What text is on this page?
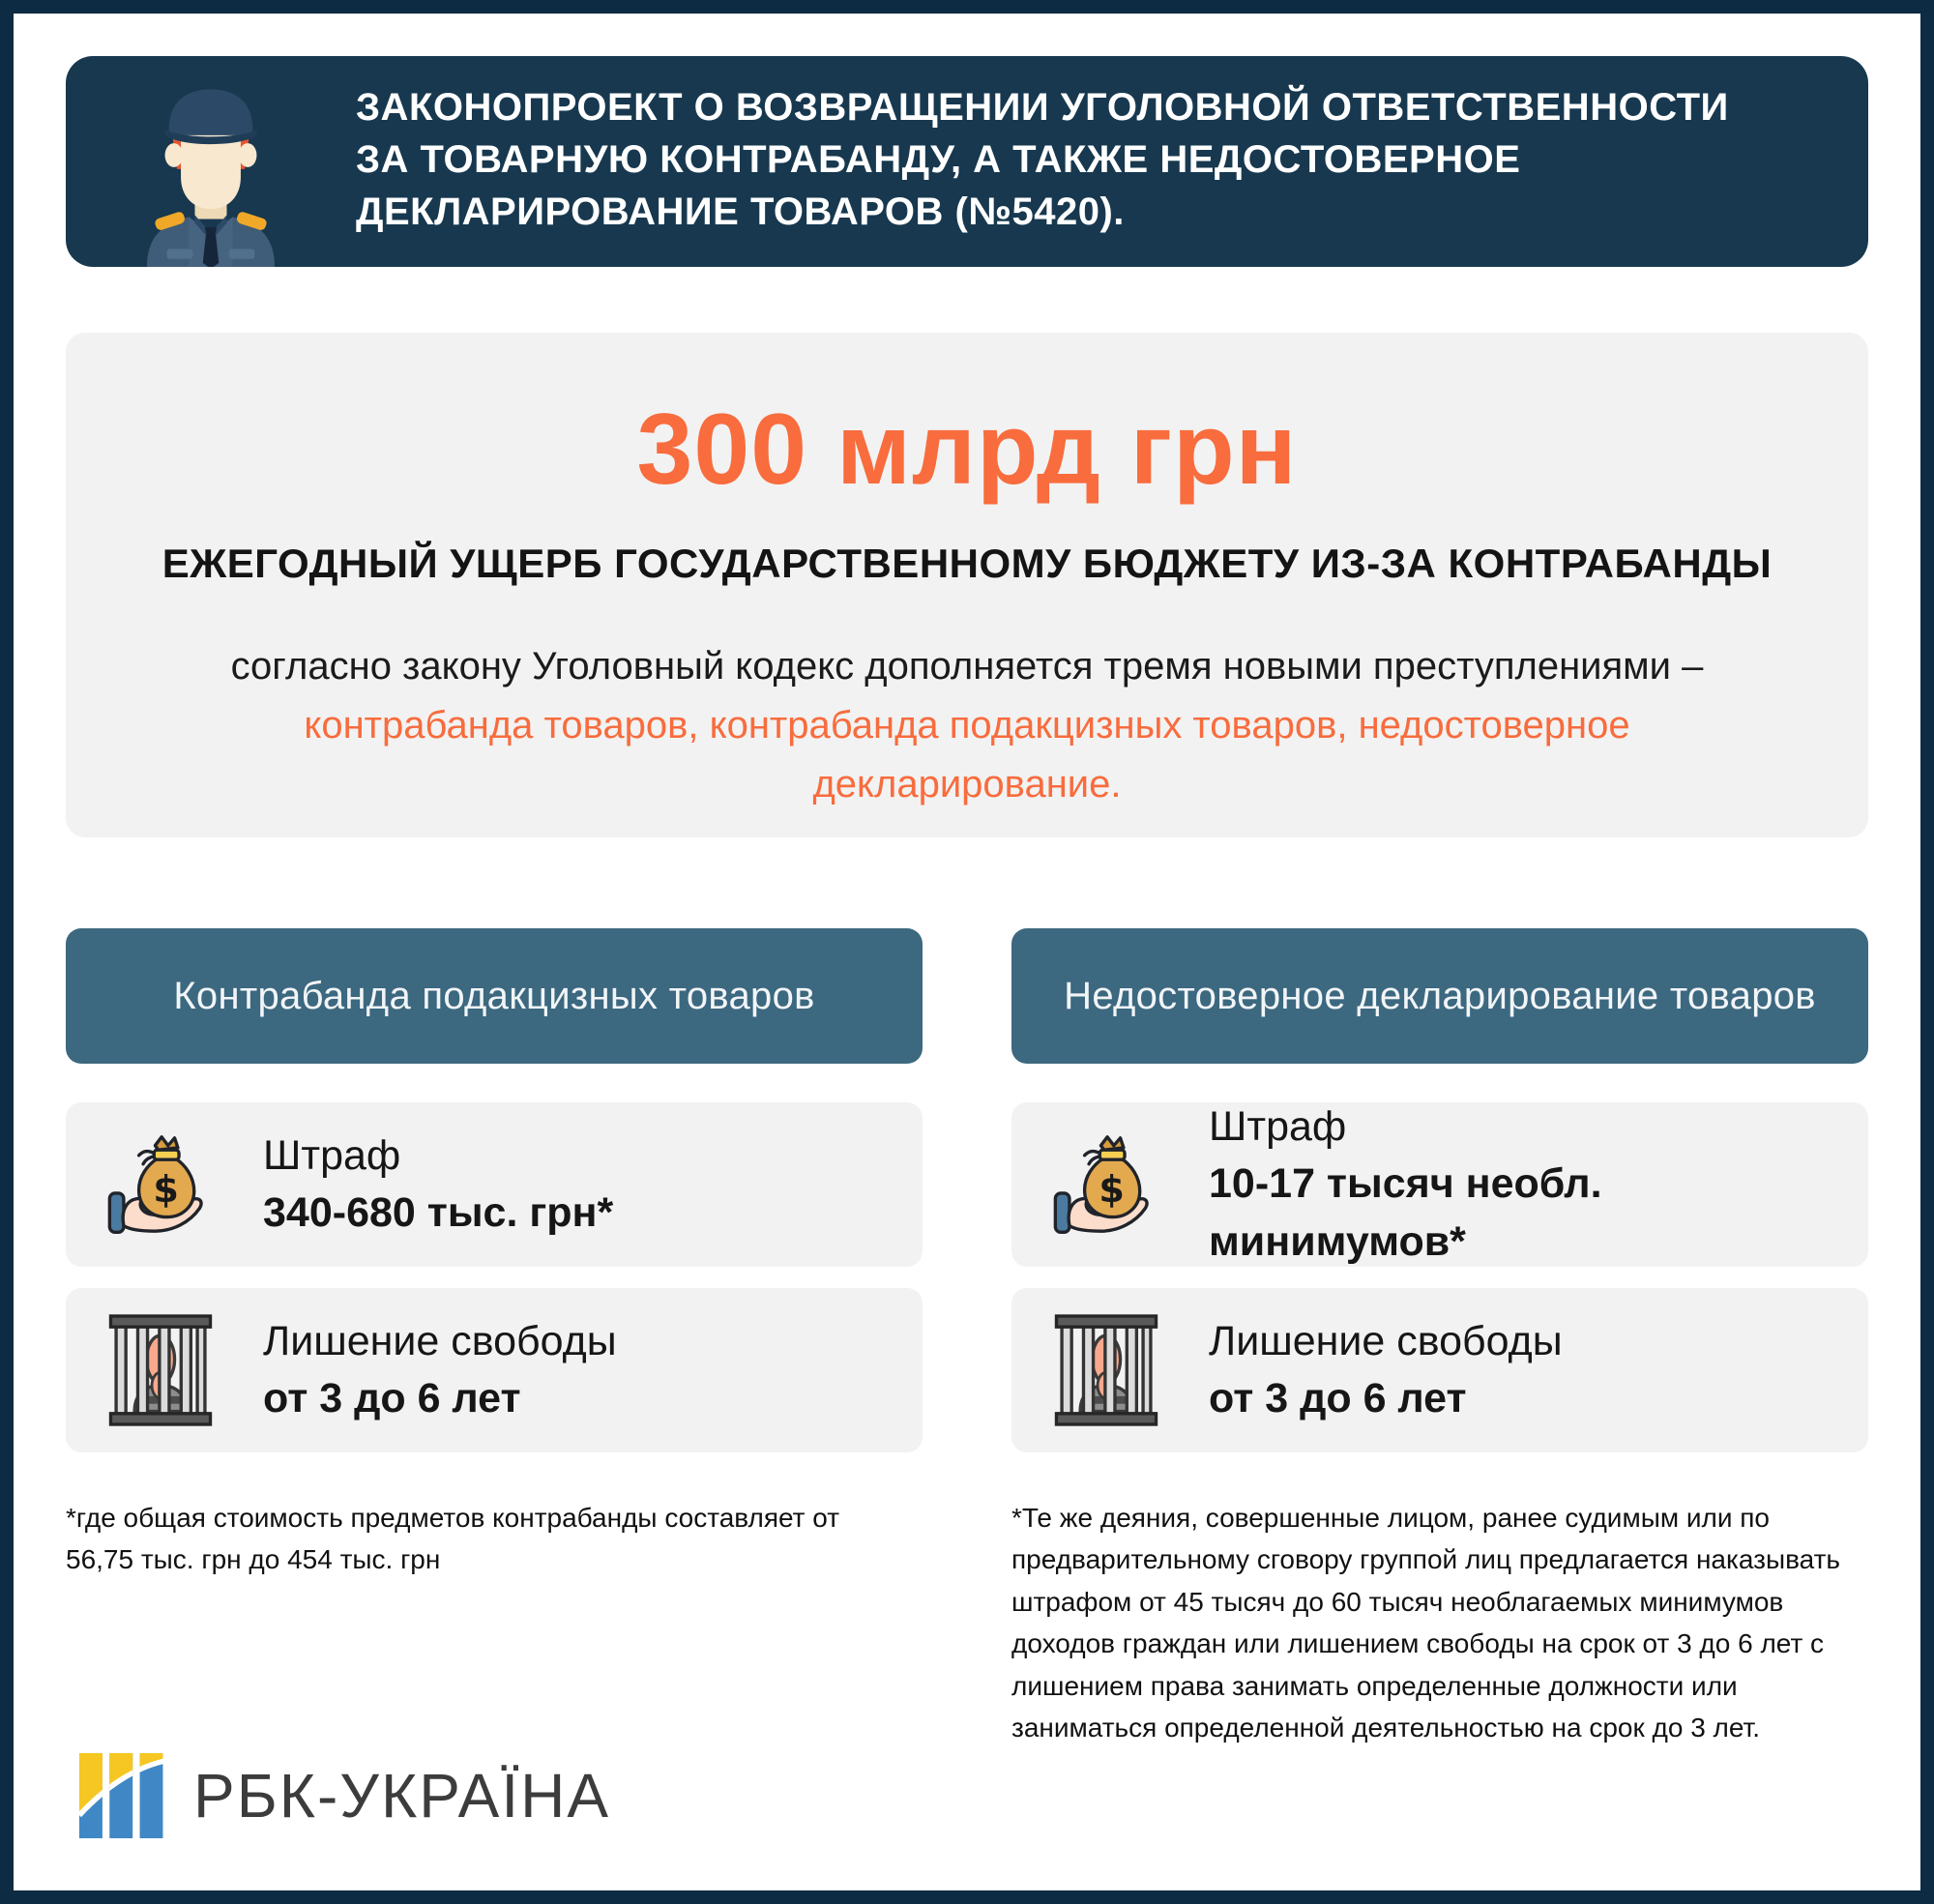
ЗАКОНОПРОЕКТ О ВОЗВРАЩЕНИИ УГОЛОВНОЙ ОТВЕТСТВЕННОСТИ
ЗА ТОВАРНУЮ КОНТРАБАНДУ, А ТАКЖЕ НЕДОСТОВЕРНОЕ
ДЕКЛАРИРОВАНИЕ ТОВАРОВ (№5420).
300 млрд грн
ЕЖЕГОДНЫЙ УЩЕРБ ГОСУДАРСТВЕННОМУ БЮДЖЕТУ ИЗ-ЗА КОНТРАБАНДЫ
согласно закону Уголовный кодекс дополняется тремя новыми преступлениями – контрабанда товаров, контрабанда подакцизных товаров, недостоверное декларирование.
Контрабанда подакцизных товаров
Штраф
340-680 тыс. грн*
Лишение свободы
от 3 до 6 лет
*где общая стоимость предметов контрабанды составляет от 56,75 тыс. грн до 454 тыс. грн
Недостоверное декларирование товаров
Штраф
10-17 тысяч необл. минимумов*
Лишение свободы
от 3 до 6 лет
*Те же деяния, совершенные лицом, ранее судимым или по предварительному сговору группой лиц предлагается наказывать штрафом от 45 тысяч до 60 тысяч необлагаемых минимумов доходов граждан или лишением свободы на срок от 3 до 6 лет с лишением права занимать определенные должности или заниматься определенной деятельностью на срок до 3 лет.
РБК-УКРАЇНА
